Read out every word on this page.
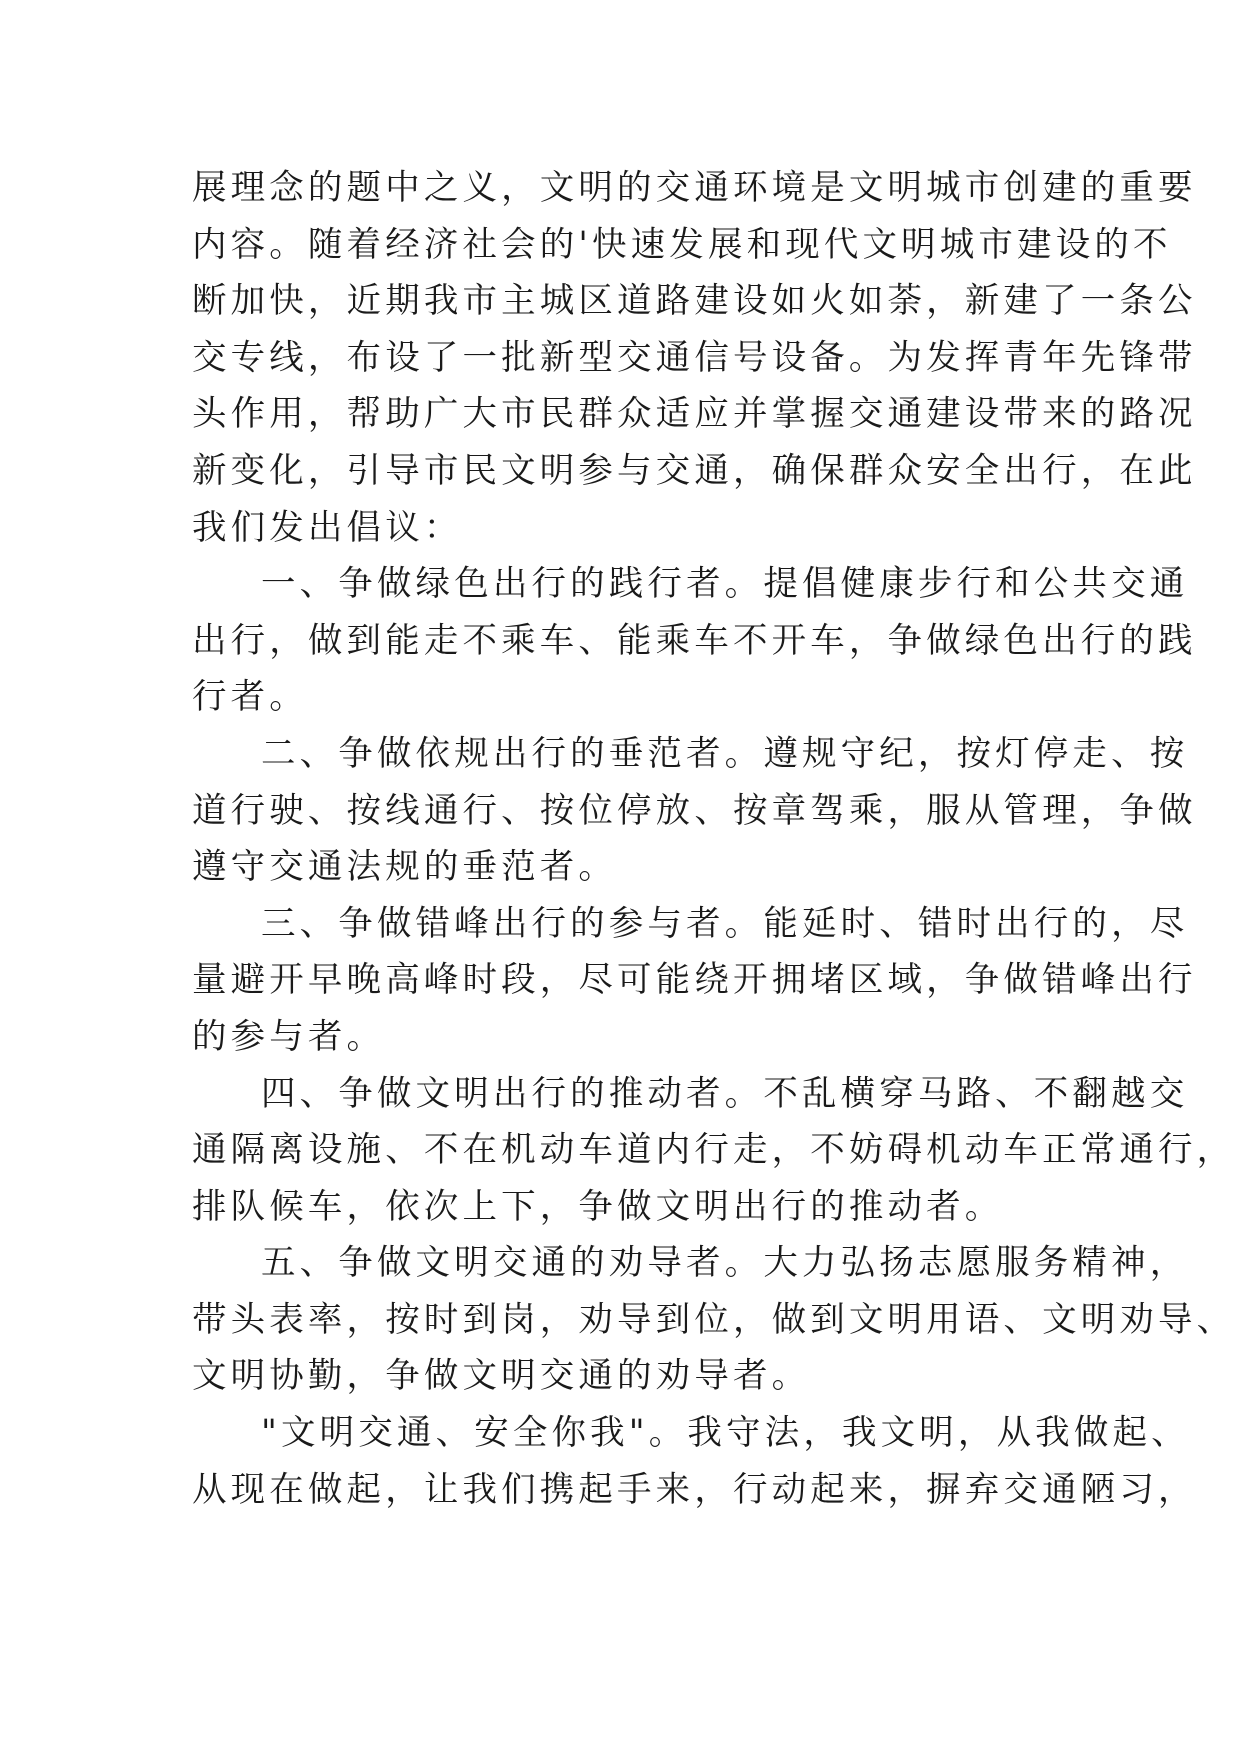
展理念的题中之义，文明的交通环境是文明城市创建的重要
内容。随着经济社会的'快速发展和现代文明城市建设的不
断加快，近期我市主城区道路建设如火如荼，新建了一条公
交专线，布设了一批新型交通信号设备。为发挥青年先锋带
头作用，帮助广大市民群众适应并掌握交通建设带来的路况
新变化，引导市民文明参与交通，确保群众安全出行，在此
我们发出倡议：
一、争做绿色出行的践行者。提倡健康步行和公共交通
出行，做到能走不乘车、能乘车不开车，争做绿色出行的践
行者。
二、争做依规出行的垂范者。遵规守纪，按灯停走、按
道行驶、按线通行、按位停放、按章驾乘，服从管理，争做
遵守交通法规的垂范者。
三、争做错峰出行的参与者。能延时、错时出行的，尽
量避开早晚高峰时段，尽可能绕开拥堵区域，争做错峰出行
的参与者。
四、争做文明出行的推动者。不乱横穿马路、不翻越交
通隔离设施、不在机动车道内行走，不妨碍机动车正常通行，
排队候车，依次上下，争做文明出行的推动者。
五、争做文明交通的劝导者。大力弘扬志愿服务精神，
带头表率，按时到岗，劝导到位，做到文明用语、文明劝导、
文明协勤，争做文明交通的劝导者。
"文明交通、安全你我"。我守法，我文明，从我做起、
从现在做起，让我们携起手来，行动起来，摒弃交通陋习，
